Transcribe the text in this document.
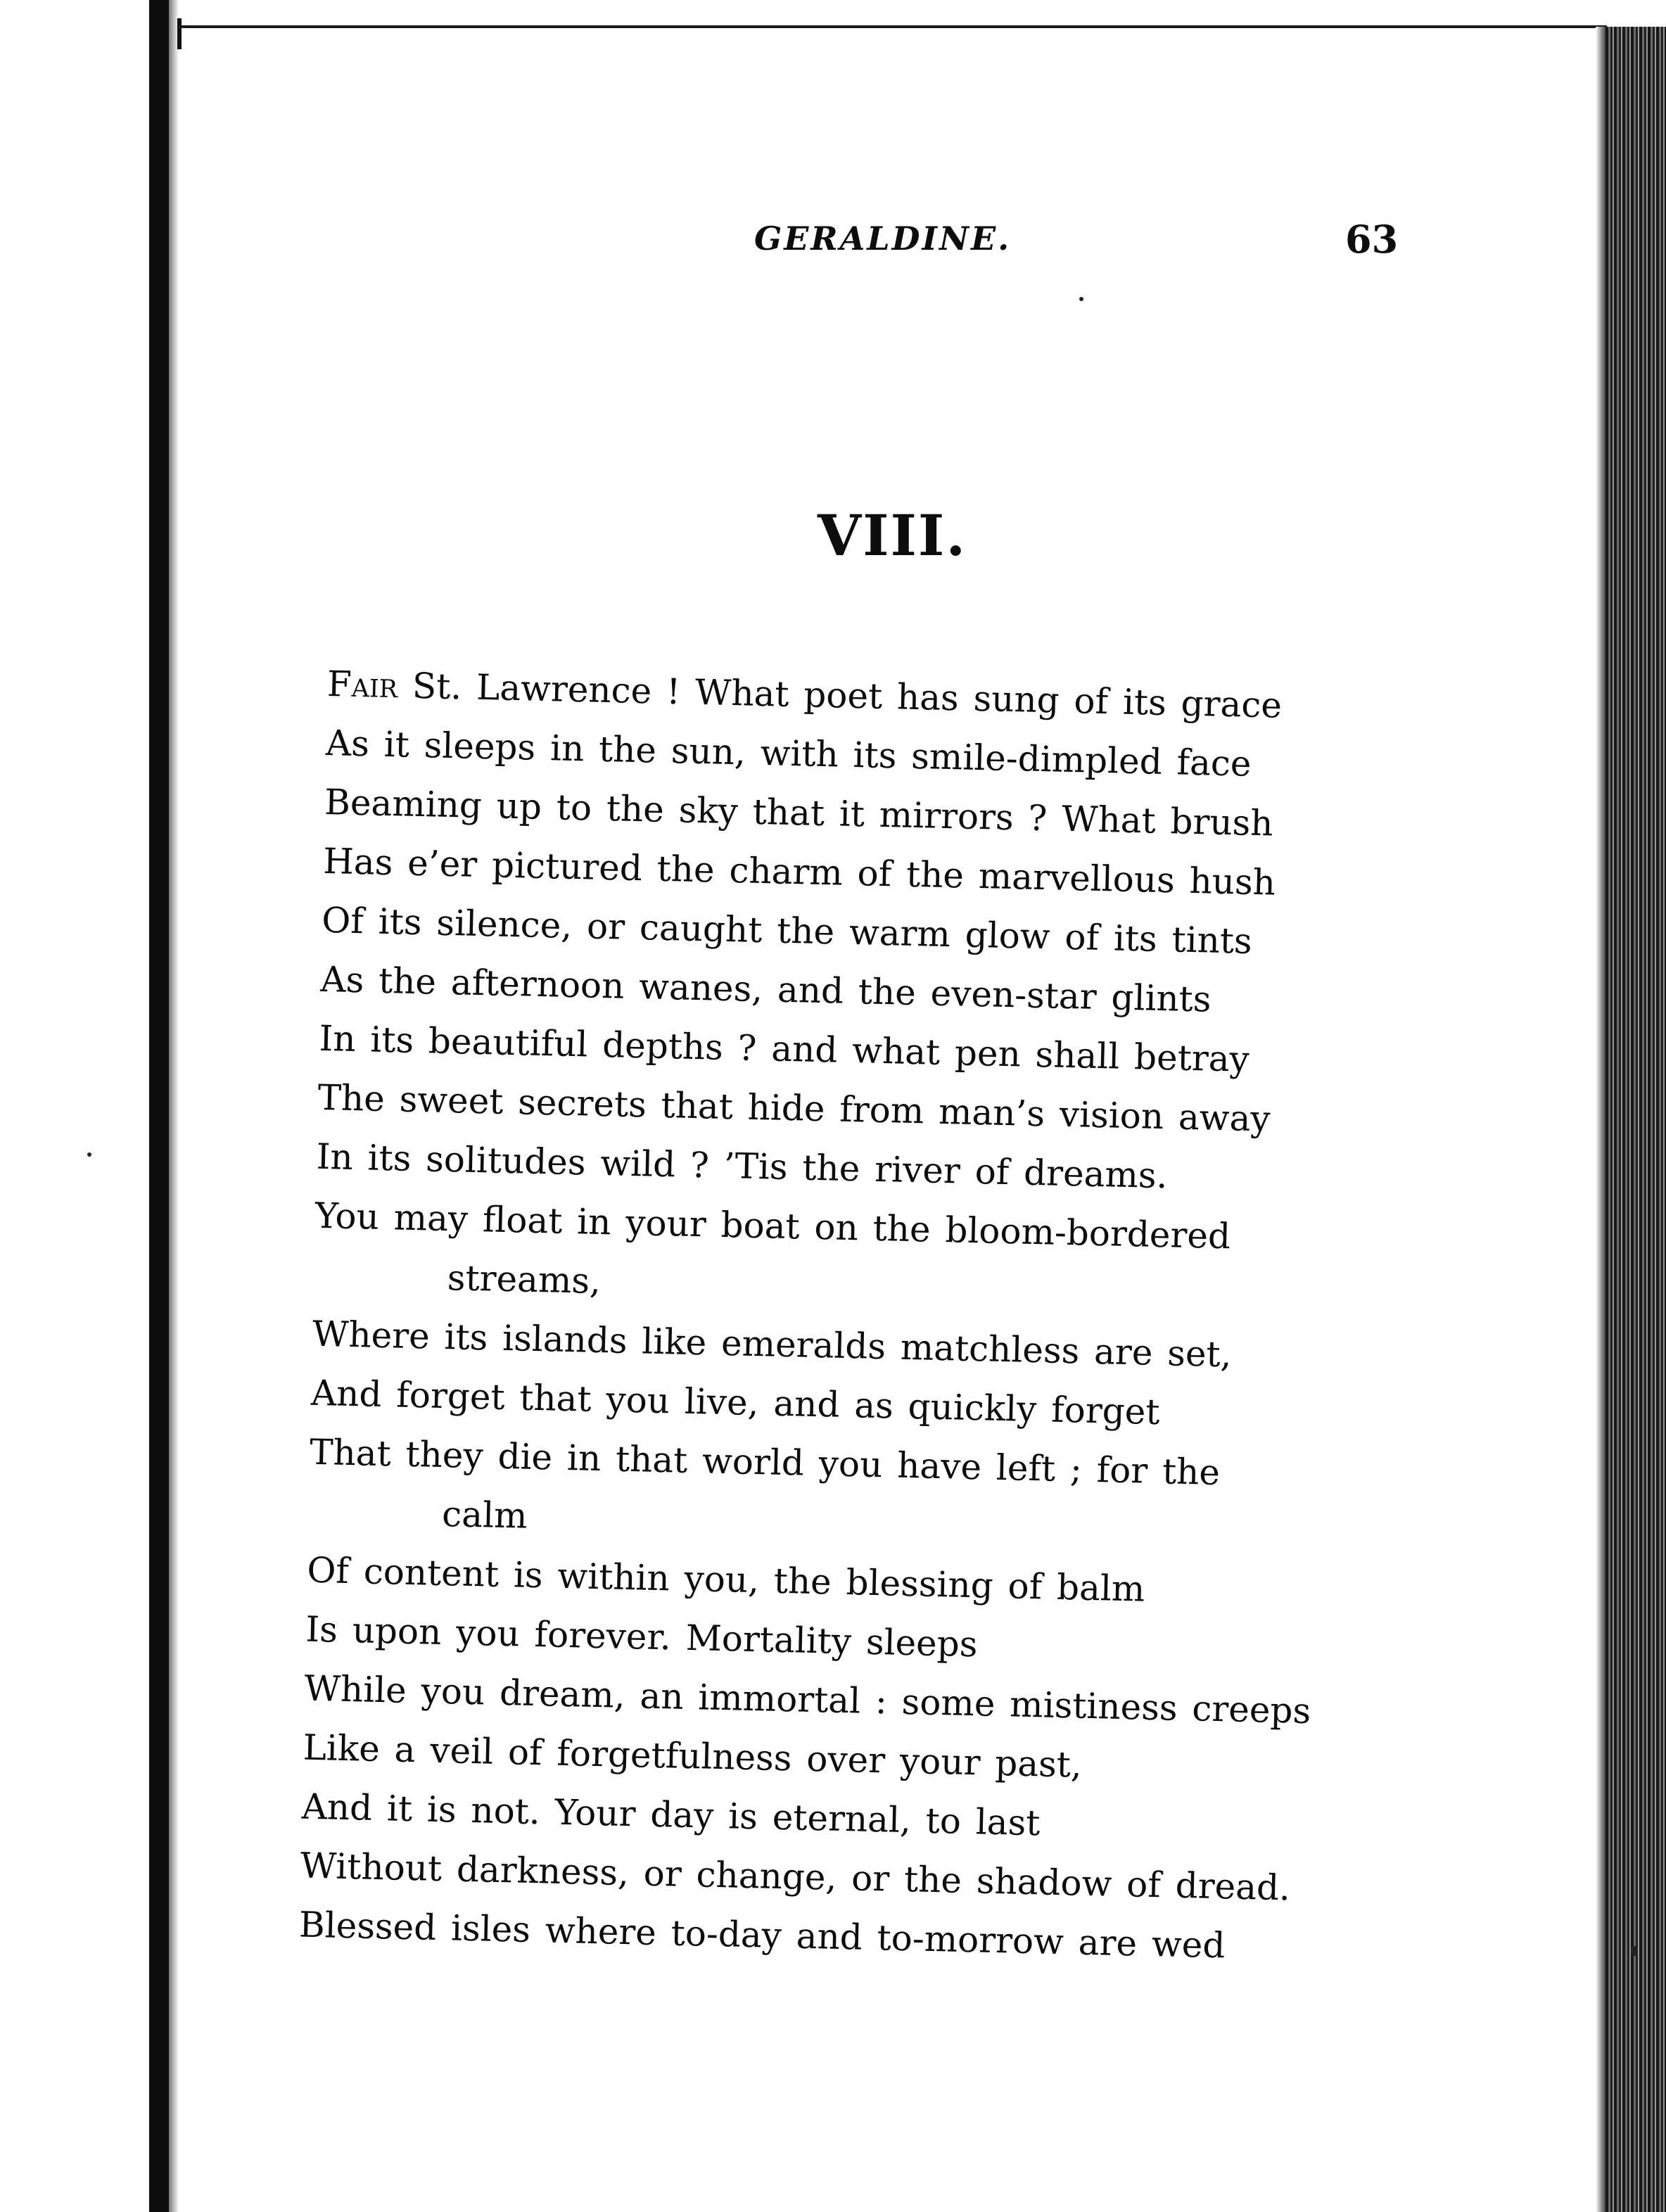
GERALDINE.	63
VIII.
Fair St. Lawrence ! What poet has sung of its grace
As it sleeps in the sun, with its smile-dimpled face
Beaming up to the sky that it mirrors ? What brush
Has e’er pictured the charm of the marvellous hush
Of its silence, or caught the warm glow of its tints
As the afternoon wanes, and the even-star glints
In its beautiful depths ? and what pen shall betray
The sweet secrets that hide from man’s vision away
In its solitudes wild ? ’Tis the river of dreams.
You may float in your boat on the bloom-bordered
streams,
Where its islands like emeralds matchless are set,
And forget that you live, and as quickly forget
That they die in that world you have left ; for the
calm
Of content is within you, the blessing of balm
Is upon you forever. Mortality sleeps
While you dream, an immortal : some mistiness creeps
Like a veil of forgetfulness over your past,
And it is not. Your day is eternal, to last
Without darkness, or change, or the shadow of dread.
Blessed isles where to-day and to-morrow are wed
